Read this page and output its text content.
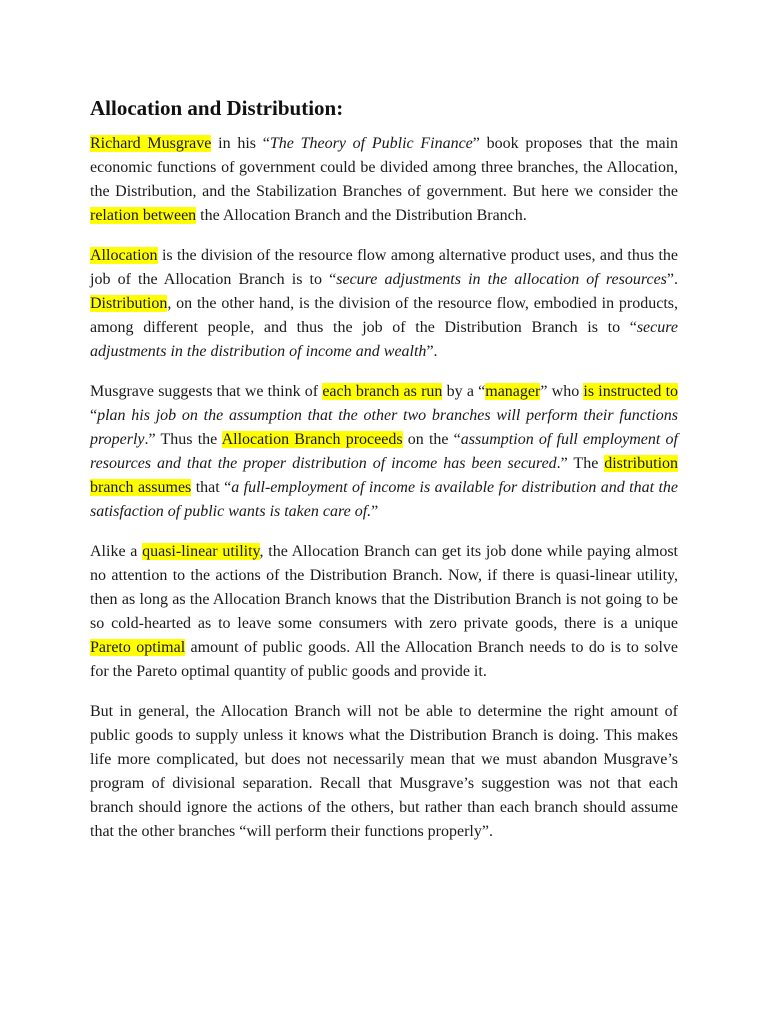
Allocation and Distribution:

Richard Musgrave in his “The Theory of Public Finance” book proposes that the main economic functions of government could be divided among three branches, the Allocation, the Distribution, and the Stabilization Branches of government. But here we consider the relation between the Allocation Branch and the Distribution Branch.

Allocation is the division of the resource flow among alternative product uses, and thus the job of the Allocation Branch is to “secure adjustments in the allocation of resources”. Distribution, on the other hand, is the division of the resource flow, embodied in products, among different people, and thus the job of the Distribution Branch is to “secure adjustments in the distribution of income and wealth”.

Musgrave suggests that we think of each branch as run by a “manager” who is instructed to “plan his job on the assumption that the other two branches will perform their functions properly.” Thus the Allocation Branch proceeds on the “assumption of full employment of resources and that the proper distribution of income has been secured.” The distribution branch assumes that “a full-employment of income is available for distribution and that the satisfaction of public wants is taken care of.”

Alike a quasi-linear utility, the Allocation Branch can get its job done while paying almost no attention to the actions of the Distribution Branch. Now, if there is quasi-linear utility, then as long as the Allocation Branch knows that the Distribution Branch is not going to be so cold-hearted as to leave some consumers with zero private goods, there is a unique Pareto optimal amount of public goods. All the Allocation Branch needs to do is to solve for the Pareto optimal quantity of public goods and provide it.

But in general, the Allocation Branch will not be able to determine the right amount of public goods to supply unless it knows what the Distribution Branch is doing. This makes life more complicated, but does not necessarily mean that we must abandon Musgrave’s program of divisional separation. Recall that Musgrave’s suggestion was not that each branch should ignore the actions of the others, but rather than each branch should assume that the other branches “will perform their functions properly”.
